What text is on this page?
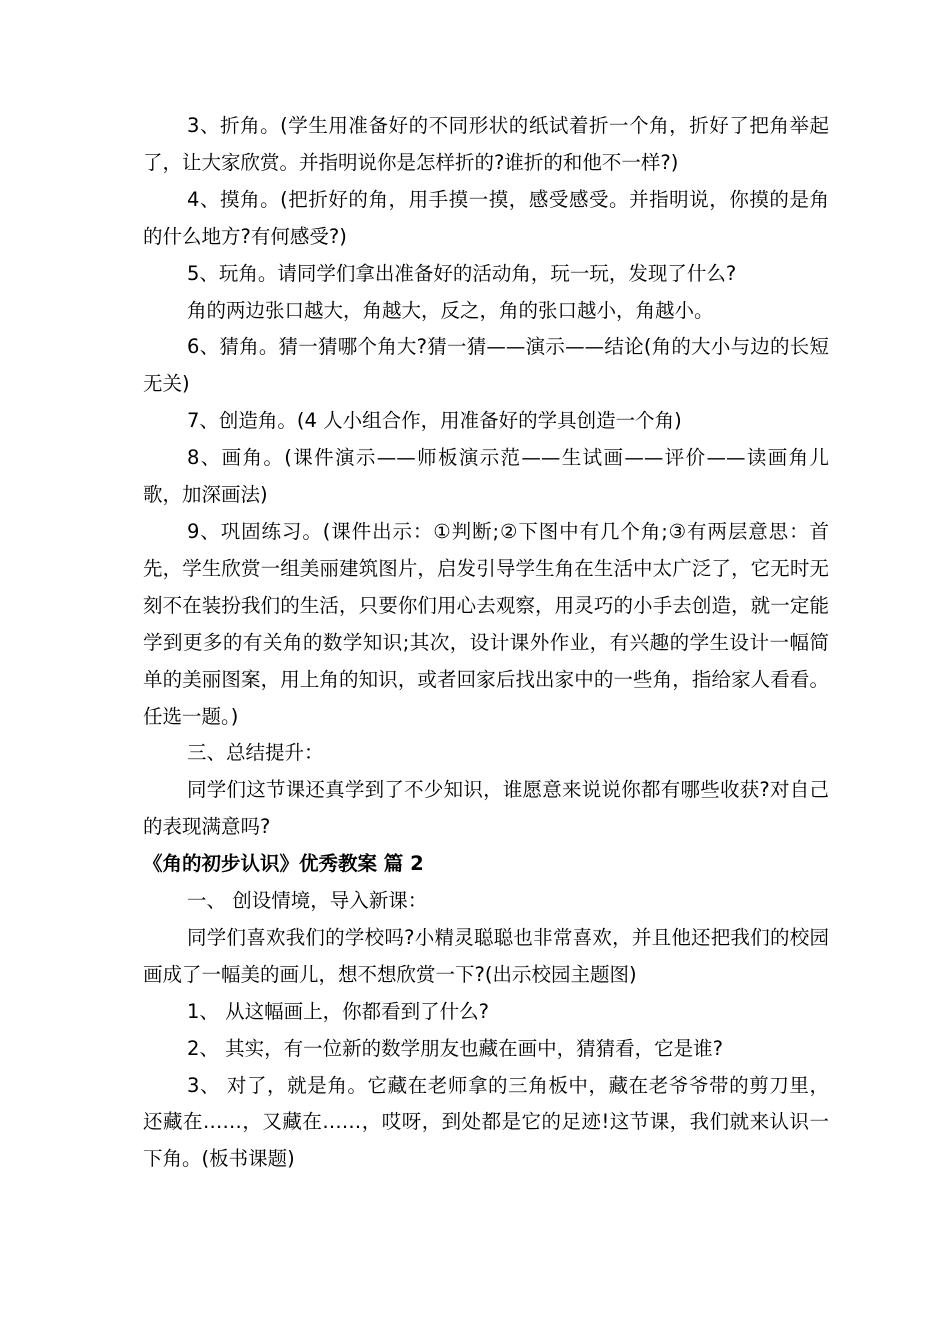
3、折角。(学生用准备好的不同形状的纸试着折一个角，折好了把角举起了，让大家欣赏。并指明说你是怎样折的?谁折的和他不一样?)

4、摸角。(把折好的角，用手摸一摸，感受感受。并指明说，你摸的是角的什么地方?有何感受?)

5、玩角。请同学们拿出准备好的活动角，玩一玩，发现了什么?

角的两边张口越大，角越大，反之，角的张口越小，角越小。

6、猜角。猜一猜哪个角大?猜一猜——演示——结论(角的大小与边的长短无关)

7、创造角。(4 人小组合作，用准备好的学具创造一个角)

8、画角。(课件演示——师板演示范——生试画——评价——读画角儿歌，加深画法)

9、巩固练习。(课件出示：①判断;②下图中有几个角;③有两层意思：首先，学生欣赏一组美丽建筑图片，启发引导学生角在生活中太广泛了，它无时无刻不在装扮我们的生活，只要你们用心去观察，用灵巧的小手去创造，就一定能学到更多的有关角的数学知识;其次，设计课外作业，有兴趣的学生设计一幅简单的美丽图案，用上角的知识，或者回家后找出家中的一些角，指给家人看看。任选一题。)

三、总结提升：

同学们这节课还真学到了不少知识，谁愿意来说说你都有哪些收获?对自己的表现满意吗?

《角的初步认识》优秀教案 篇 2

一、 创设情境，导入新课：

同学们喜欢我们的学校吗?小精灵聪聪也非常喜欢，并且他还把我们的校园画成了一幅美的画儿，想不想欣赏一下?(出示校园主题图)

1、 从这幅画上，你都看到了什么?

2、 其实，有一位新的数学朋友也藏在画中，猜猜看，它是谁?

3、 对了，就是角。它藏在老师拿的三角板中，藏在老爷爷带的剪刀里，还藏在……，又藏在……，哎呀，到处都是它的足迹!这节课，我们就来认识一下角。(板书课题)
